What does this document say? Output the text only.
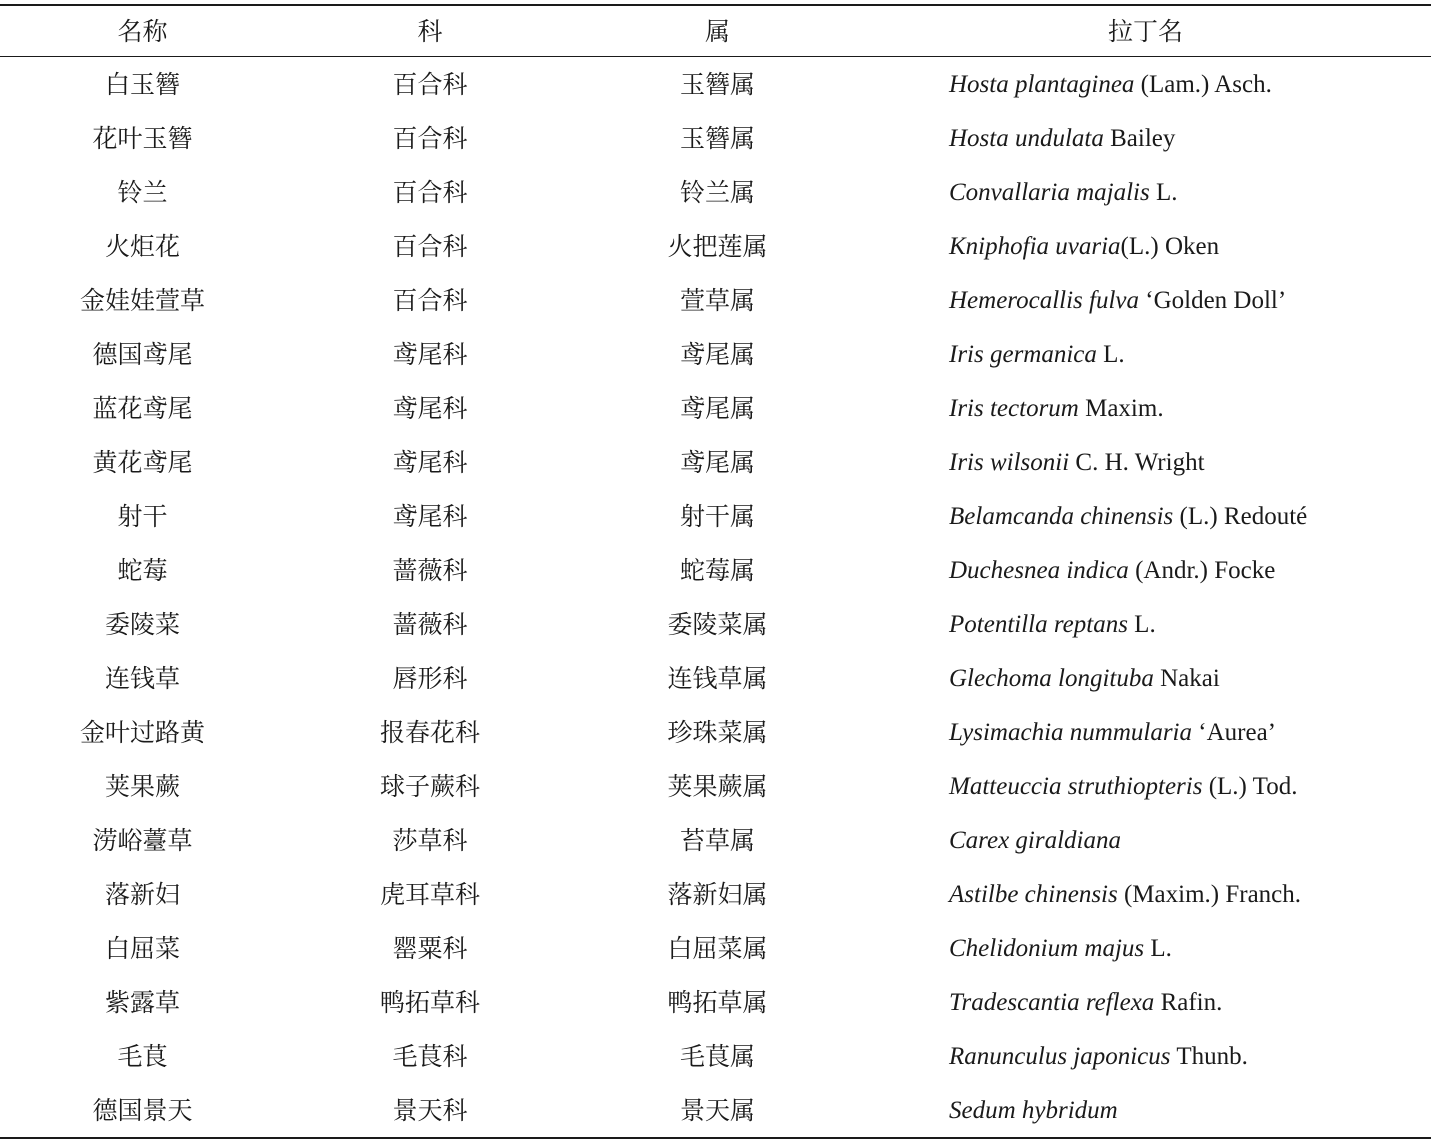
名称	科	属	拉丁名
白玉簪	百合科	玉簪属	Hosta plantaginea (Lam.) Asch.
花叶玉簪	百合科	玉簪属	Hosta undulata Bailey
铃兰	百合科	铃兰属	Convallaria majalis L.
火炬花	百合科	火把莲属	Kniphofia uvaria(L.) Oken
金娃娃萱草	百合科	萱草属	Hemerocallis fulva ‘Golden Doll’
德国鸢尾	鸢尾科	鸢尾属	Iris germanica L.
蓝花鸢尾	鸢尾科	鸢尾属	Iris tectorum Maxim.
黄花鸢尾	鸢尾科	鸢尾属	Iris wilsonii C. H. Wright
射干	鸢尾科	射干属	Belamcanda chinensis (L.) Redouté
蛇莓	蔷薇科	蛇莓属	Duchesnea indica (Andr.) Focke
委陵菜	蔷薇科	委陵菜属	Potentilla reptans L.
连钱草	唇形科	连钱草属	Glechoma longituba Nakai
金叶过路黄	报春花科	珍珠菜属	Lysimachia nummularia ‘Aurea’
荚果蕨	球子蕨科	荚果蕨属	Matteuccia struthiopteris (L.) Tod.
涝峪薹草	莎草科	苔草属	Carex giraldiana
落新妇	虎耳草科	落新妇属	Astilbe chinensis (Maxim.) Franch.
白屈菜	罂粟科	白屈菜属	Chelidonium majus L.
紫露草	鸭拓草科	鸭拓草属	Tradescantia reflexa Rafin.
毛茛	毛茛科	毛茛属	Ranunculus japonicus Thunb.
德国景天	景天科	景天属	Sedum hybridum
